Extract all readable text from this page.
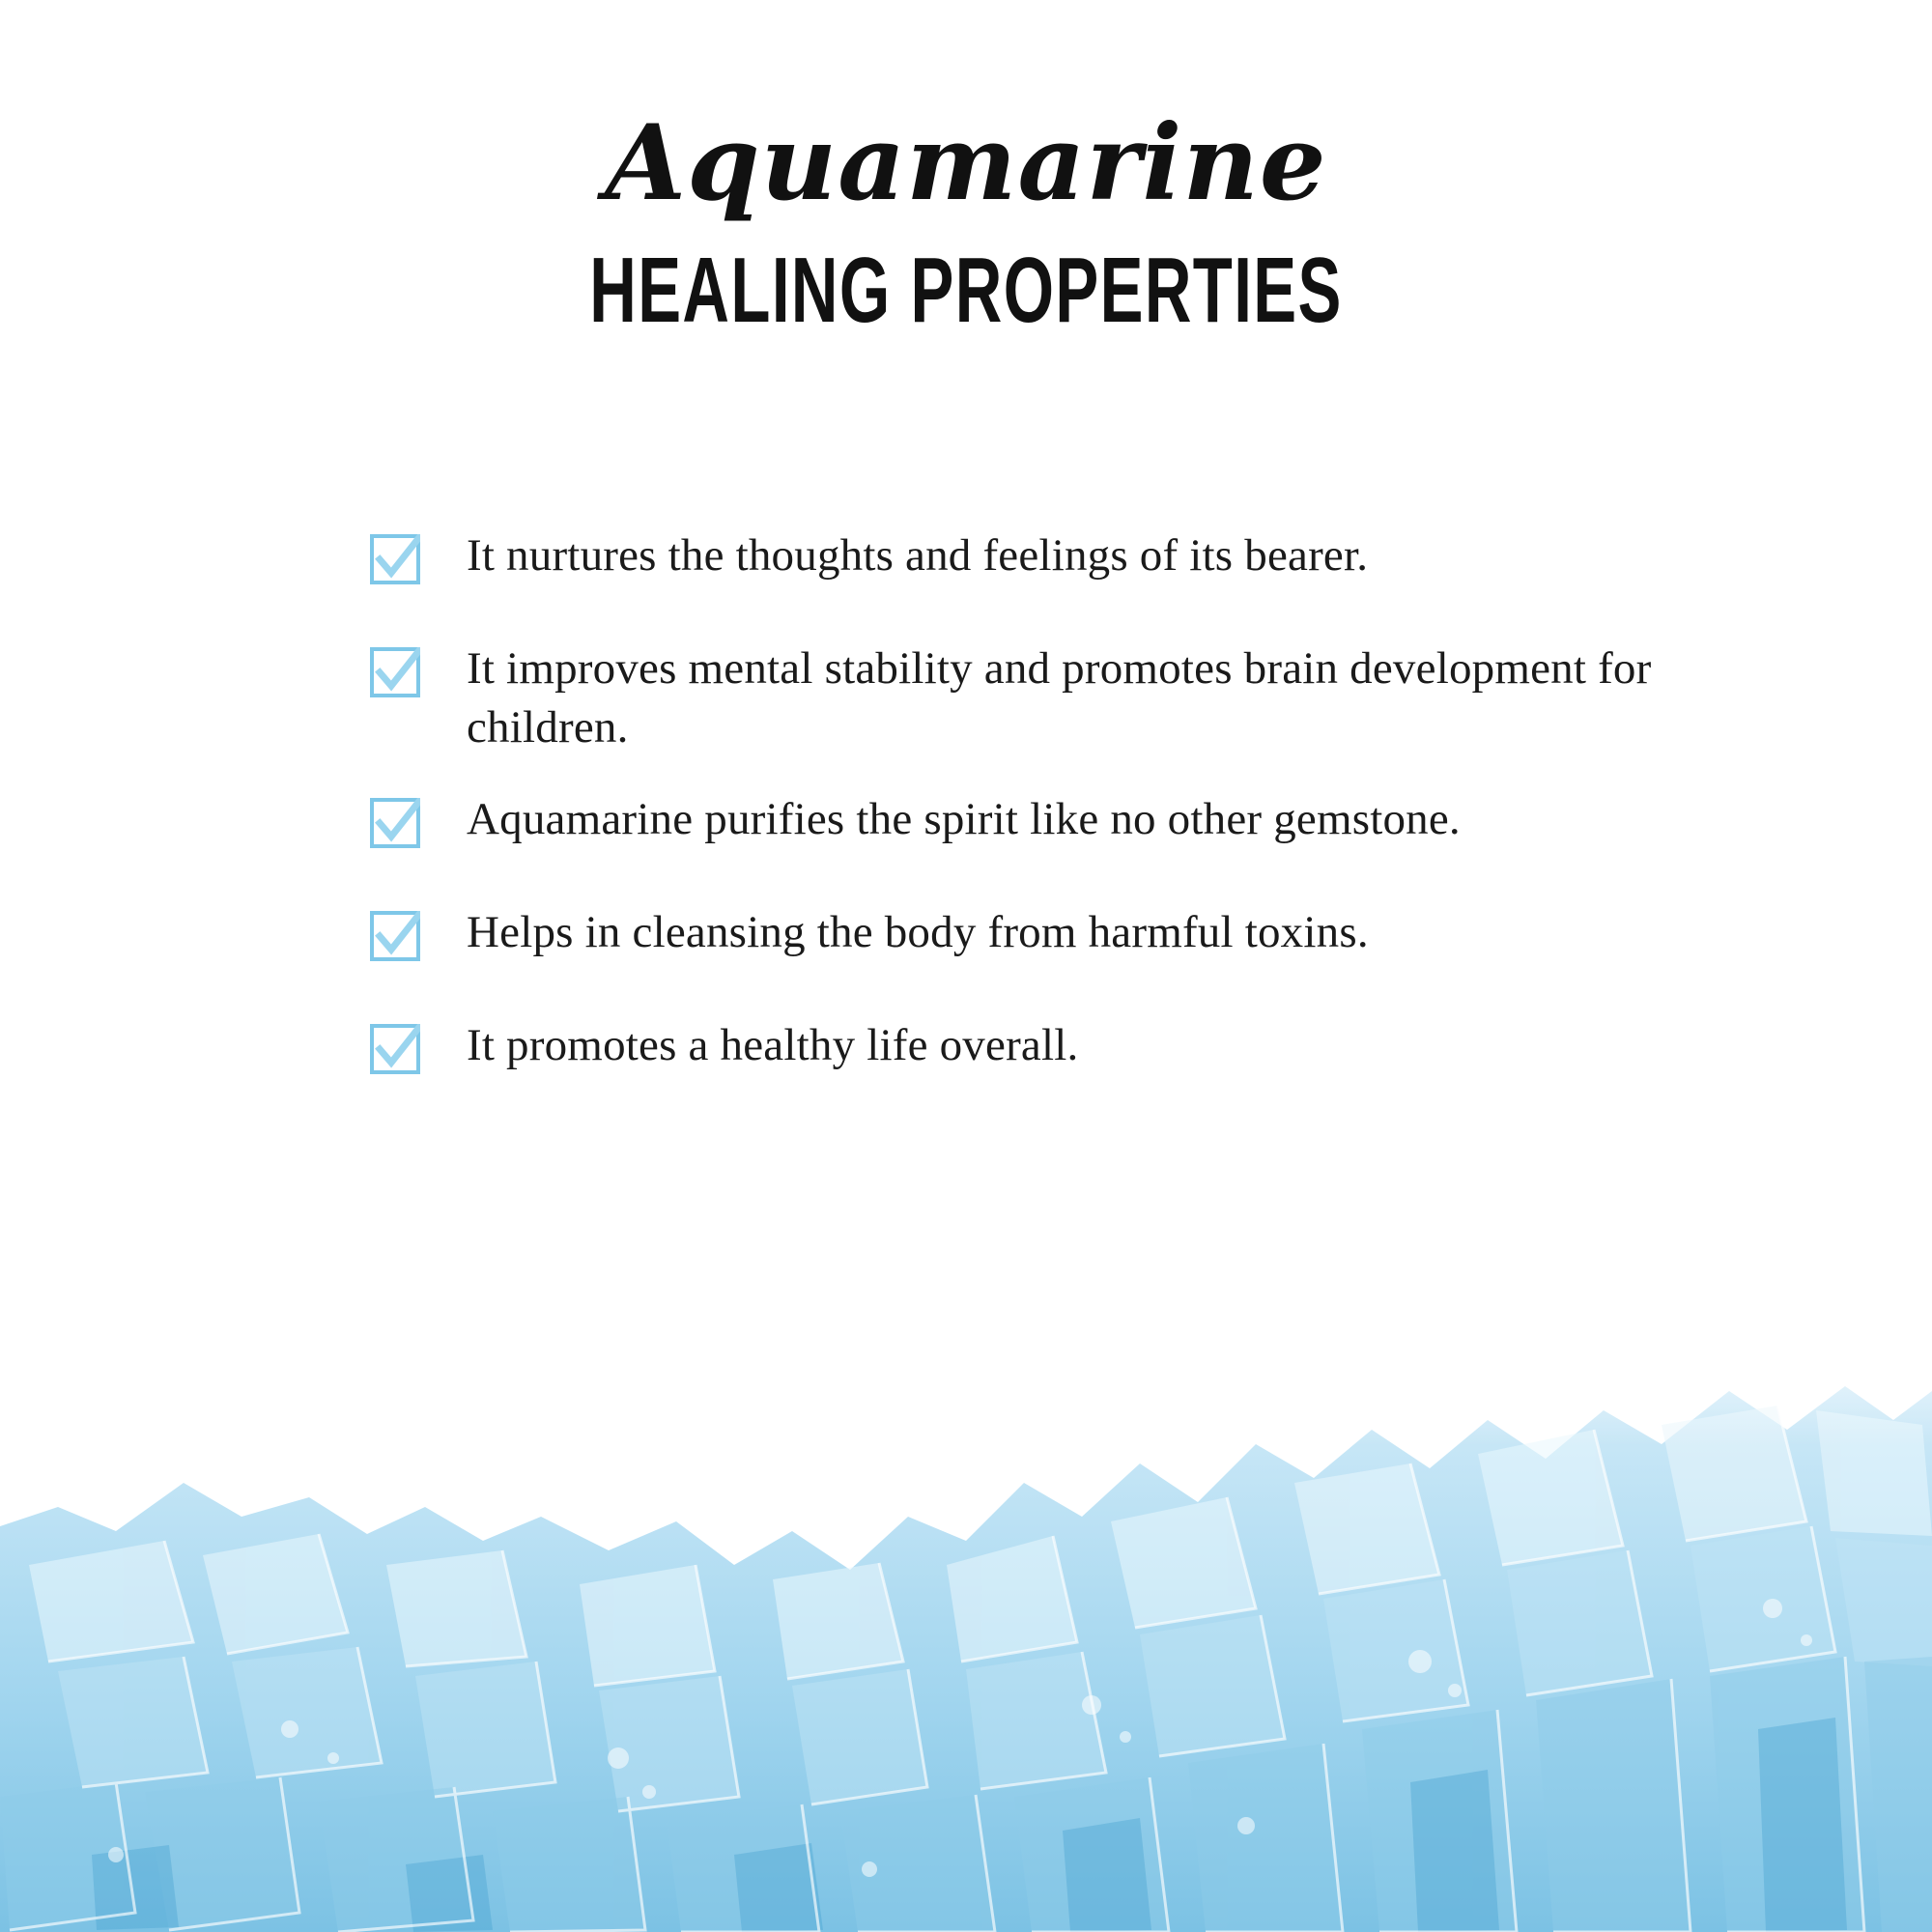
Aquamarine
HEALING PROPERTIES
It nurtures the thoughts and feelings of its bearer.
It improves mental stability and promotes brain development for children.
Aquamarine purifies the spirit like no other gemstone.
Helps in cleansing the body from harmful toxins.
It promotes a healthy life overall.
